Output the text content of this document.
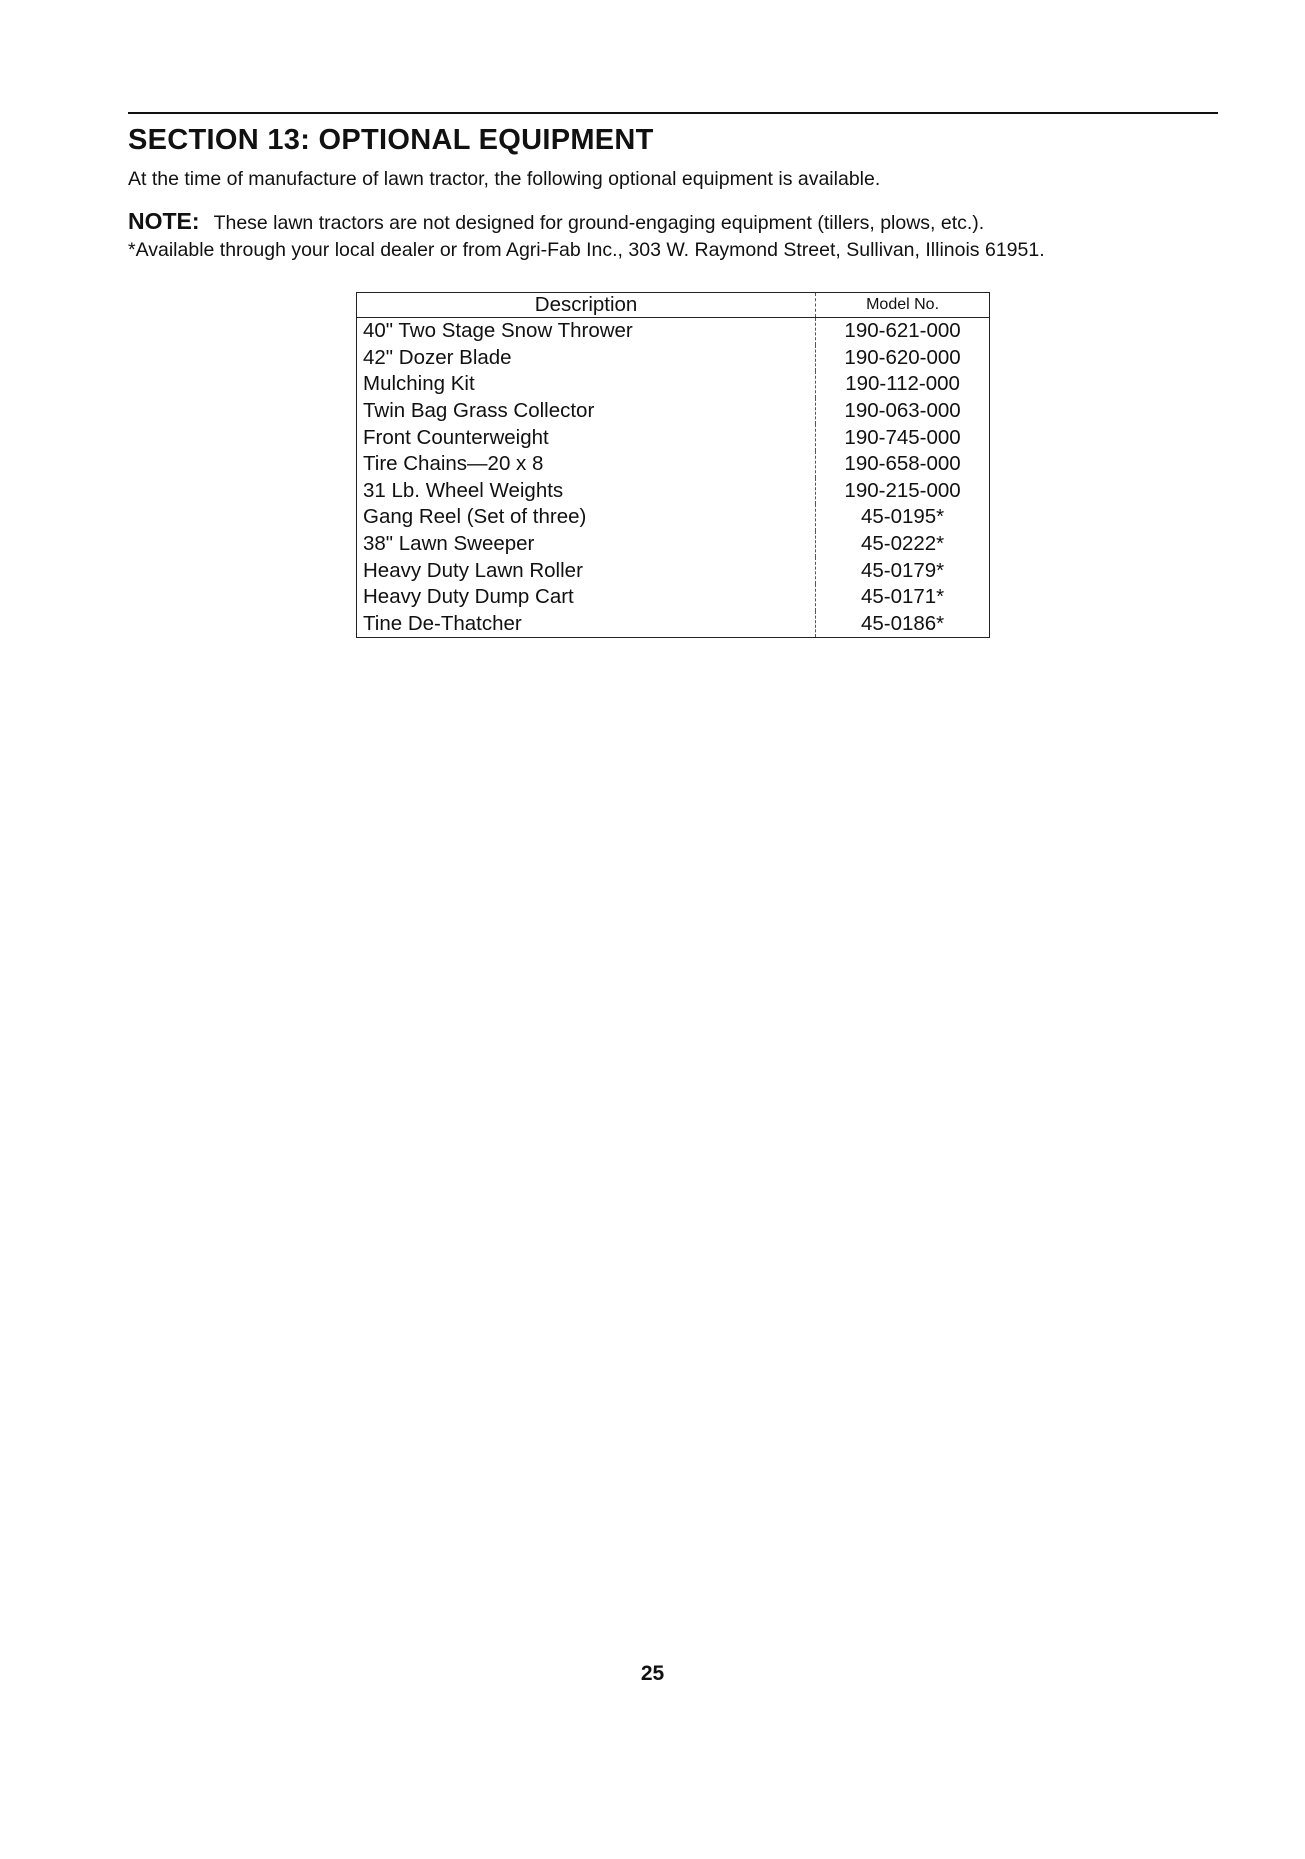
SECTION 13: OPTIONAL EQUIPMENT
At the time of manufacture of lawn tractor, the following optional equipment is available.
NOTE: These lawn tractors are not designed for ground-engaging equipment (tillers, plows, etc.).
*Available through your local dealer or from Agri-Fab Inc., 303 W. Raymond Street, Sullivan, Illinois 61951.
Description	Model No.
40" Two Stage Snow Thrower	190-621-000
42" Dozer Blade	190-620-000
Mulching Kit	190-112-000
Twin Bag Grass Collector	190-063-000
Front Counterweight	190-745-000
Tire Chains—20 x 8	190-658-000
31 Lb. Wheel Weights	190-215-000
Gang Reel (Set of three)	45-0195*
38" Lawn Sweeper	45-0222*
Heavy Duty Lawn Roller	45-0179*
Heavy Duty Dump Cart	45-0171*
Tine De-Thatcher	45-0186*
25
